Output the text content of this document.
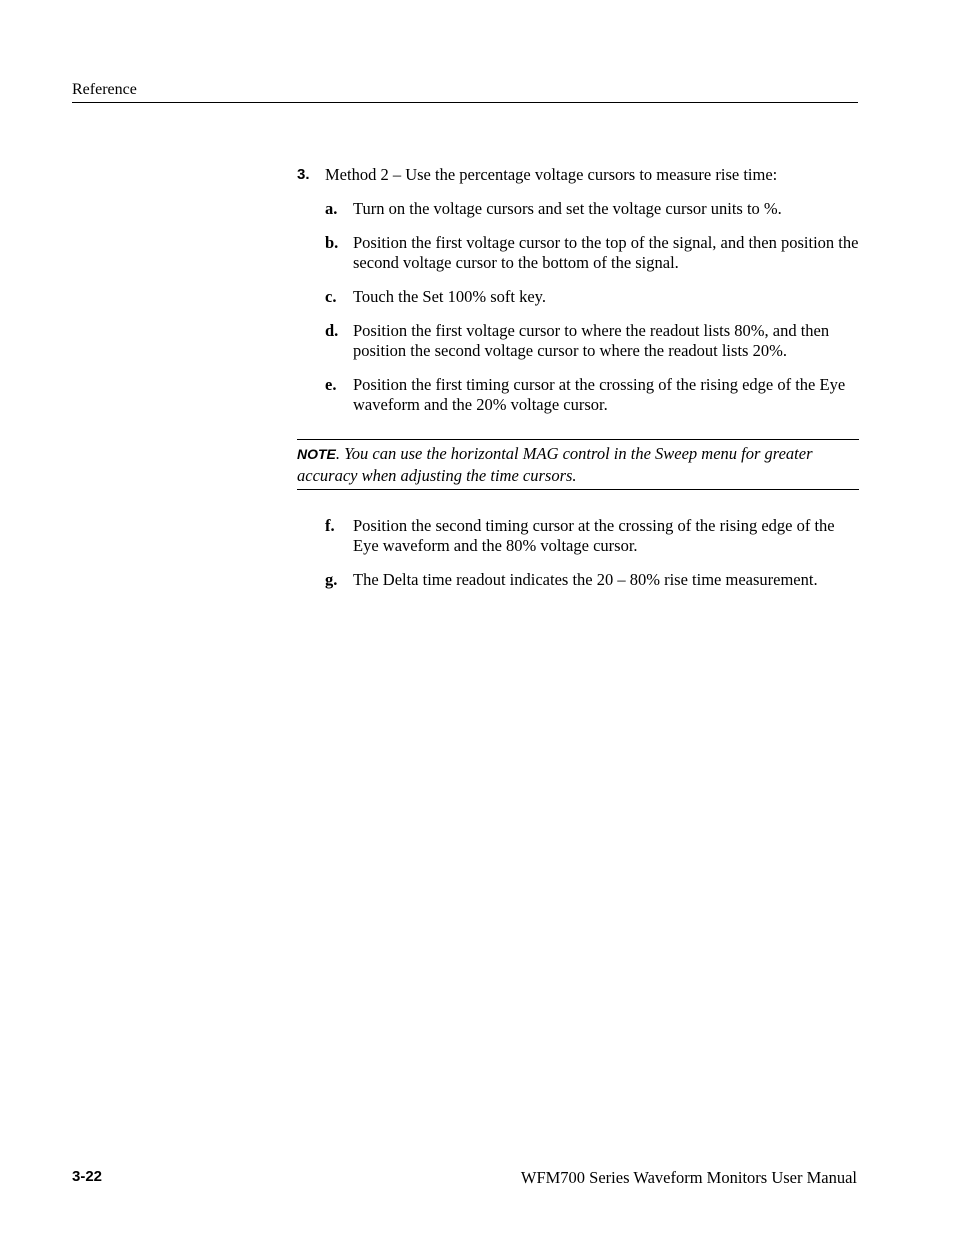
Reference
3. Method 2 – Use the percentage voltage cursors to measure rise time:
a. Turn on the voltage cursors and set the voltage cursor units to %.
b. Position the first voltage cursor to the top of the signal, and then position the second voltage cursor to the bottom of the signal.
c. Touch the Set 100% soft key.
d. Position the first voltage cursor to where the readout lists 80%, and then position the second voltage cursor to where the readout lists 20%.
e. Position the first timing cursor at the crossing of the rising edge of the Eye waveform and the 20% voltage cursor.
NOTE. You can use the horizontal MAG control in the Sweep menu for greater accuracy when adjusting the time cursors.
f. Position the second timing cursor at the crossing of the rising edge of the Eye waveform and the 80% voltage cursor.
g. The Delta time readout indicates the 20 – 80% rise time measurement.
3-22	WFM700 Series Waveform Monitors User Manual
